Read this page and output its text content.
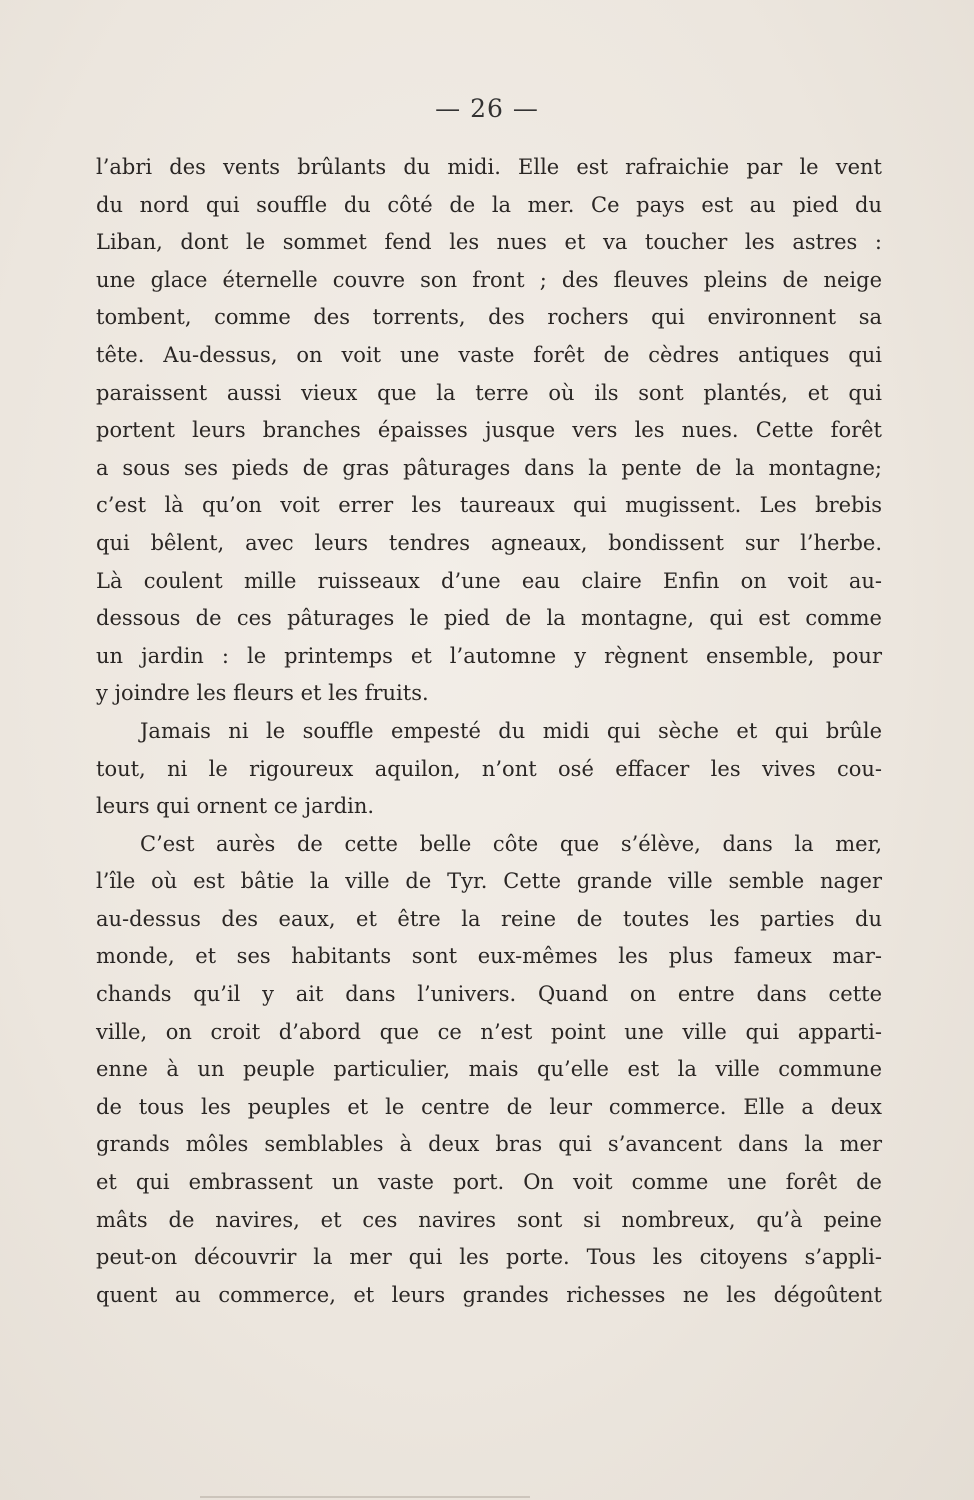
— 26 —
l’abri des vents brûlants du midi. Elle est rafraichie par le vent
du nord qui souffle du côté de la mer. Ce pays est au pied du
Liban, dont le sommet fend les nues et va toucher les astres :
une glace éternelle couvre son front ; des fleuves pleins de neige
tombent, comme des torrents, des rochers qui environnent sa
tête. Au-dessus, on voit une vaste forêt de cèdres antiques qui
paraissent aussi vieux que la terre où ils sont plantés, et qui
portent leurs branches épaisses jusque vers les nues. Cette forêt
a sous ses pieds de gras pâturages dans la pente de la montagne;
c’est là qu’on voit errer les taureaux qui mugissent. Les brebis
qui bêlent, avec leurs tendres agneaux, bondissent sur l’herbe.
Là coulent mille ruisseaux d’une eau claire Enfin on voit au-
dessous de ces pâturages le pied de la montagne, qui est comme
un jardin : le printemps et l’automne y règnent ensemble, pour
y joindre les fleurs et les fruits.
Jamais ni le souffle empesté du midi qui sèche et qui brûle
tout, ni le rigoureux aquilon, n’ont osé effacer les vives cou-
leurs qui ornent ce jardin.
C’est aurès de cette belle côte que s’élève, dans la mer,
l’île où est bâtie la ville de Tyr. Cette grande ville semble nager
au-dessus des eaux, et être la reine de toutes les parties du
monde, et ses habitants sont eux-mêmes les plus fameux mar-
chands qu’il y ait dans l’univers. Quand on entre dans cette
ville, on croit d’abord que ce n’est point une ville qui apparti-
enne à un peuple particulier, mais qu’elle est la ville commune
de tous les peuples et le centre de leur commerce. Elle a deux
grands môles semblables à deux bras qui s’avancent dans la mer
et qui embrassent un vaste port. On voit comme une forêt de
mâts de navires, et ces navires sont si nombreux, qu’à peine
peut-on découvrir la mer qui les porte. Tous les citoyens s’appli-
quent au commerce, et leurs grandes richesses ne les dégoûtent
